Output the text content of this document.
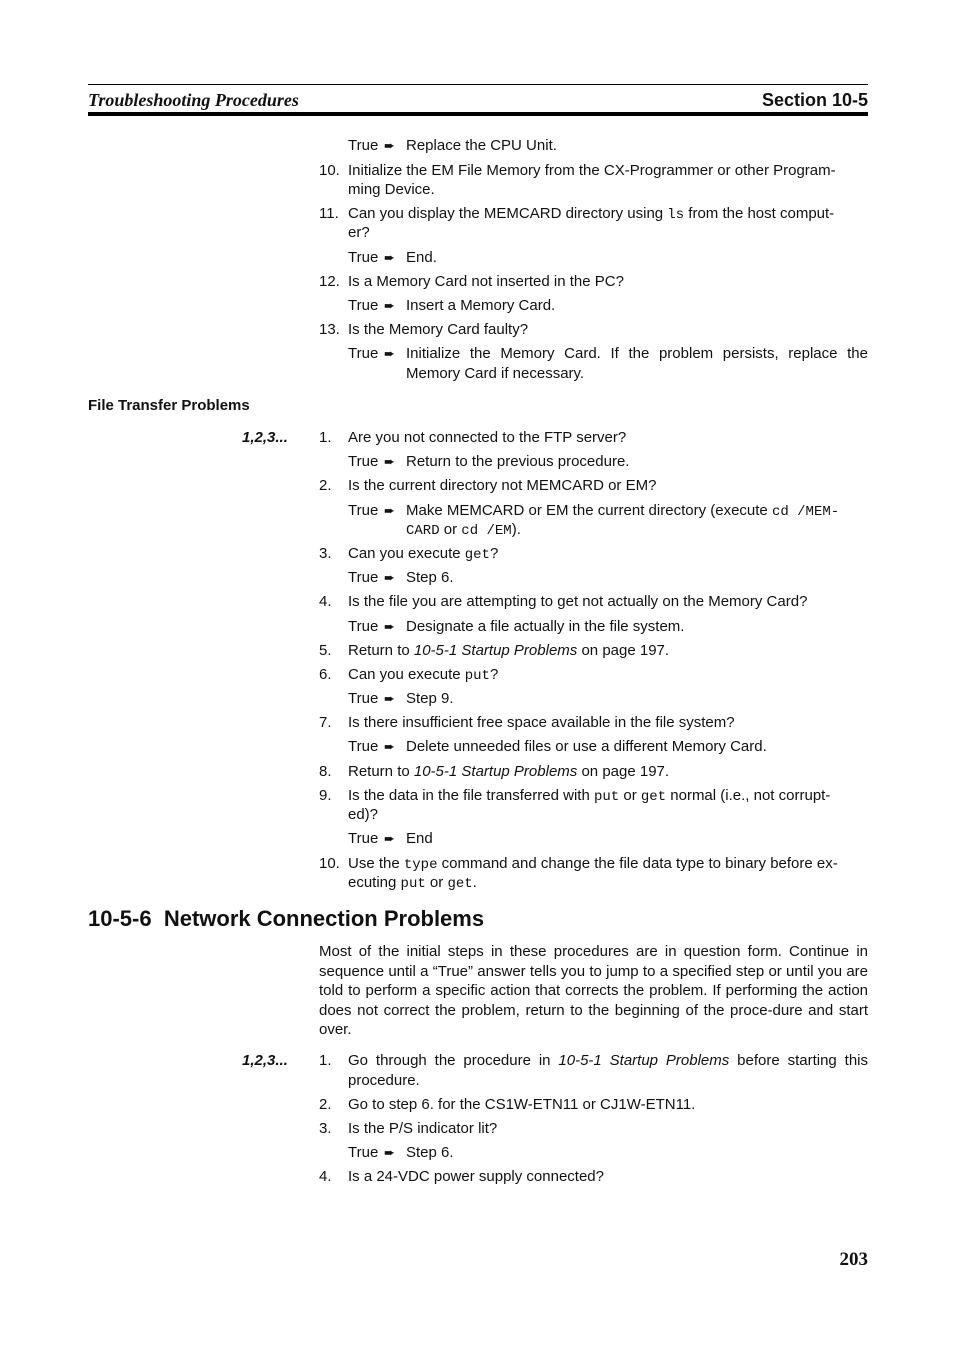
Troubleshooting Procedures	Section 10-5
True ➨ Replace the CPU Unit.
10. Initialize the EM File Memory from the CX-Programmer or other Program-
ming Device.
11. Can you display the MEMCARD directory using ls from the host comput-
er?
True ➨ End.
12. Is a Memory Card not inserted in the PC?
True ➨ Insert a Memory Card.
13. Is the Memory Card faulty?
True ➨ Initialize the Memory Card. If the problem persists, replace the
Memory Card if necessary.
File Transfer Problems
1,2,3... 1. Are you not connected to the FTP server?
True ➨ Return to the previous procedure.
2. Is the current directory not MEMCARD or EM?
True ➨ Make MEMCARD or EM the current directory (execute cd /MEM-
CARD or cd /EM).
3. Can you execute get?
True ➨ Step 6.
4. Is the file you are attempting to get not actually on the Memory Card?
True ➨ Designate a file actually in the file system.
5. Return to 10-5-1 Startup Problems on page 197.
6. Can you execute put?
True ➨ Step 9.
7. Is there insufficient free space available in the file system?
True ➨ Delete unneeded files or use a different Memory Card.
8. Return to 10-5-1 Startup Problems on page 197.
9. Is the data in the file transferred with put or get normal (i.e., not corrupt-
ed)?
True ➨ End
10. Use the type command and change the file data type to binary before ex-
ecuting put or get.
10-5-6  Network Connection Problems
Most of the initial steps in these procedures are in question form. Continue in sequence until a “True” answer tells you to jump to a specified step or until you are told to perform a specific action that corrects the problem. If performing the action does not correct the problem, return to the beginning of the proce-dure and start over.
1,2,3... 1. Go through the procedure in 10-5-1 Startup Problems before starting this
procedure.
2. Go to step 6. for the CS1W-ETN11 or CJ1W-ETN11.
3. Is the P/S indicator lit?
True ➨ Step 6.
4. Is a 24-VDC power supply connected?
203
